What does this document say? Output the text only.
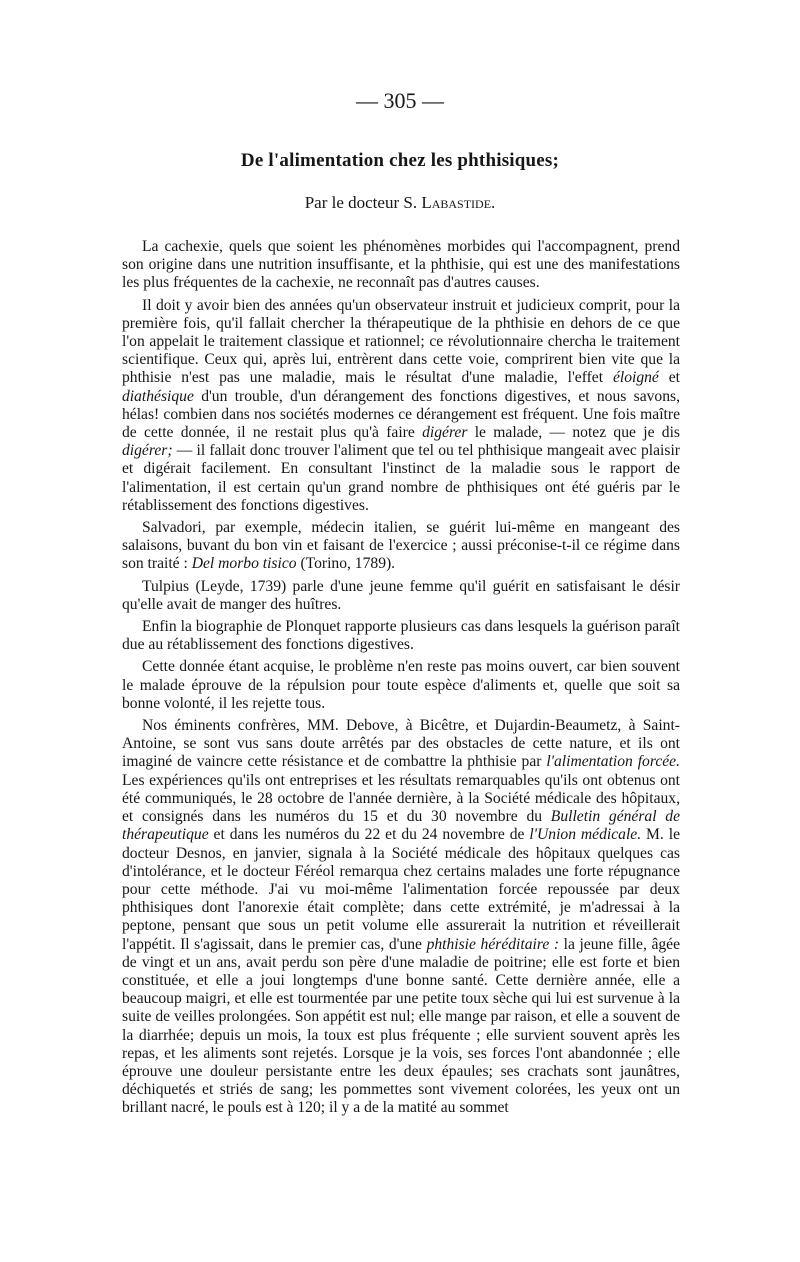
— 305 —
De l'alimentation chez les phthisiques;
Par le docteur S. Labastide.

La cachexie, quels que soient les phénomènes morbides qui l'accompagnent, prend son origine dans une nutrition insuffisante, et la phthisie, qui est une des manifestations les plus fréquentes de la cachexie, ne reconnaît pas d'autres causes.

Il doit y avoir bien des années qu'un observateur instruit et judicieux comprit, pour la première fois, qu'il fallait chercher la thérapeutique de la phthisie en dehors de ce que l'on appelait le traitement classique et rationnel; ce révolutionnaire chercha le traitement scientifique. Ceux qui, après lui, entrèrent dans cette voie, comprirent bien vite que la phthisie n'est pas une maladie, mais le résultat d'une maladie, l'effet éloigné et diathésique d'un trouble, d'un dérangement des fonctions digestives, et nous savons, hélas! combien dans nos sociétés modernes ce dérangement est fréquent. Une fois maître de cette donnée, il ne restait plus qu'à faire digérer le malade, — notez que je dis digérer; — il fallait donc trouver l'aliment que tel ou tel phthisique mangeait avec plaisir et digérait facilement. En consultant l'instinct de la maladie sous le rapport de l'alimentation, il est certain qu'un grand nombre de phthisiques ont été guéris par le rétablissement des fonctions digestives.

Salvadori, par exemple, médecin italien, se guérit lui-même en mangeant des salaisons, buvant du bon vin et faisant de l'exercice ; aussi préconise-t-il ce régime dans son traité : Del morbo tisico (Torino, 1789).

Tulpius (Leyde, 1739) parle d'une jeune femme qu'il guérit en satisfaisant le désir qu'elle avait de manger des huîtres.

Enfin la biographie de Plonquet rapporte plusieurs cas dans lesquels la guérison paraît due au rétablissement des fonctions digestives.

Cette donnée étant acquise, le problème n'en reste pas moins ouvert, car bien souvent le malade éprouve de la répulsion pour toute espèce d'aliments et, quelle que soit sa bonne volonté, il les rejette tous.

Nos éminents confrères, MM. Debove, à Bicêtre, et Dujardin-Beaumetz, à Saint-Antoine, se sont vus sans doute arrêtés par des obstacles de cette nature, et ils ont imaginé de vaincre cette résistance et de combattre la phthisie par l'alimentation forcée. Les expériences qu'ils ont entreprises et les résultats remarquables qu'ils ont obtenus ont été communiqués, le 28 octobre de l'année dernière, à la Société médicale des hôpitaux, et consignés dans les numéros du 15 et du 30 novembre du Bulletin général de thérapeutique et dans les numéros du 22 et du 24 novembre de l'Union médicale. M. le docteur Desnos, en janvier, signala à la Société médicale des hôpitaux quelques cas d'intolérance, et le docteur Féréol remarqua chez certains malades une forte répugnance pour cette méthode. J'ai vu moi-même l'alimentation forcée repoussée par deux phthisiques dont l'anorexie était complète; dans cette extrémité, je m'adressai à la peptone, pensant que sous un petit volume elle assurerait la nutrition et réveillerait l'appétit. Il s'agissait, dans le premier cas, d'une phthisie héréditaire : la jeune fille, âgée de vingt et un ans, avait perdu son père d'une maladie de poitrine; elle est forte et bien constituée, et elle a joui longtemps d'une bonne santé. Cette dernière année, elle a beaucoup maigri, et elle est tourmentée par une petite toux sèche qui lui est survenue à la suite de veilles prolongées. Son appétit est nul; elle mange par raison, et elle a souvent de la diarrhée; depuis un mois, la toux est plus fréquente ; elle survient souvent après les repas, et les aliments sont rejetés. Lorsque je la vois, ses forces l'ont abandonnée ; elle éprouve une douleur persistante entre les deux épaules; ses crachats sont jaunâtres, déchiquetés et striés de sang; les pommettes sont vivement colorées, les yeux ont un brillant nacré, le pouls est à 120; il y a de la matité au sommet
